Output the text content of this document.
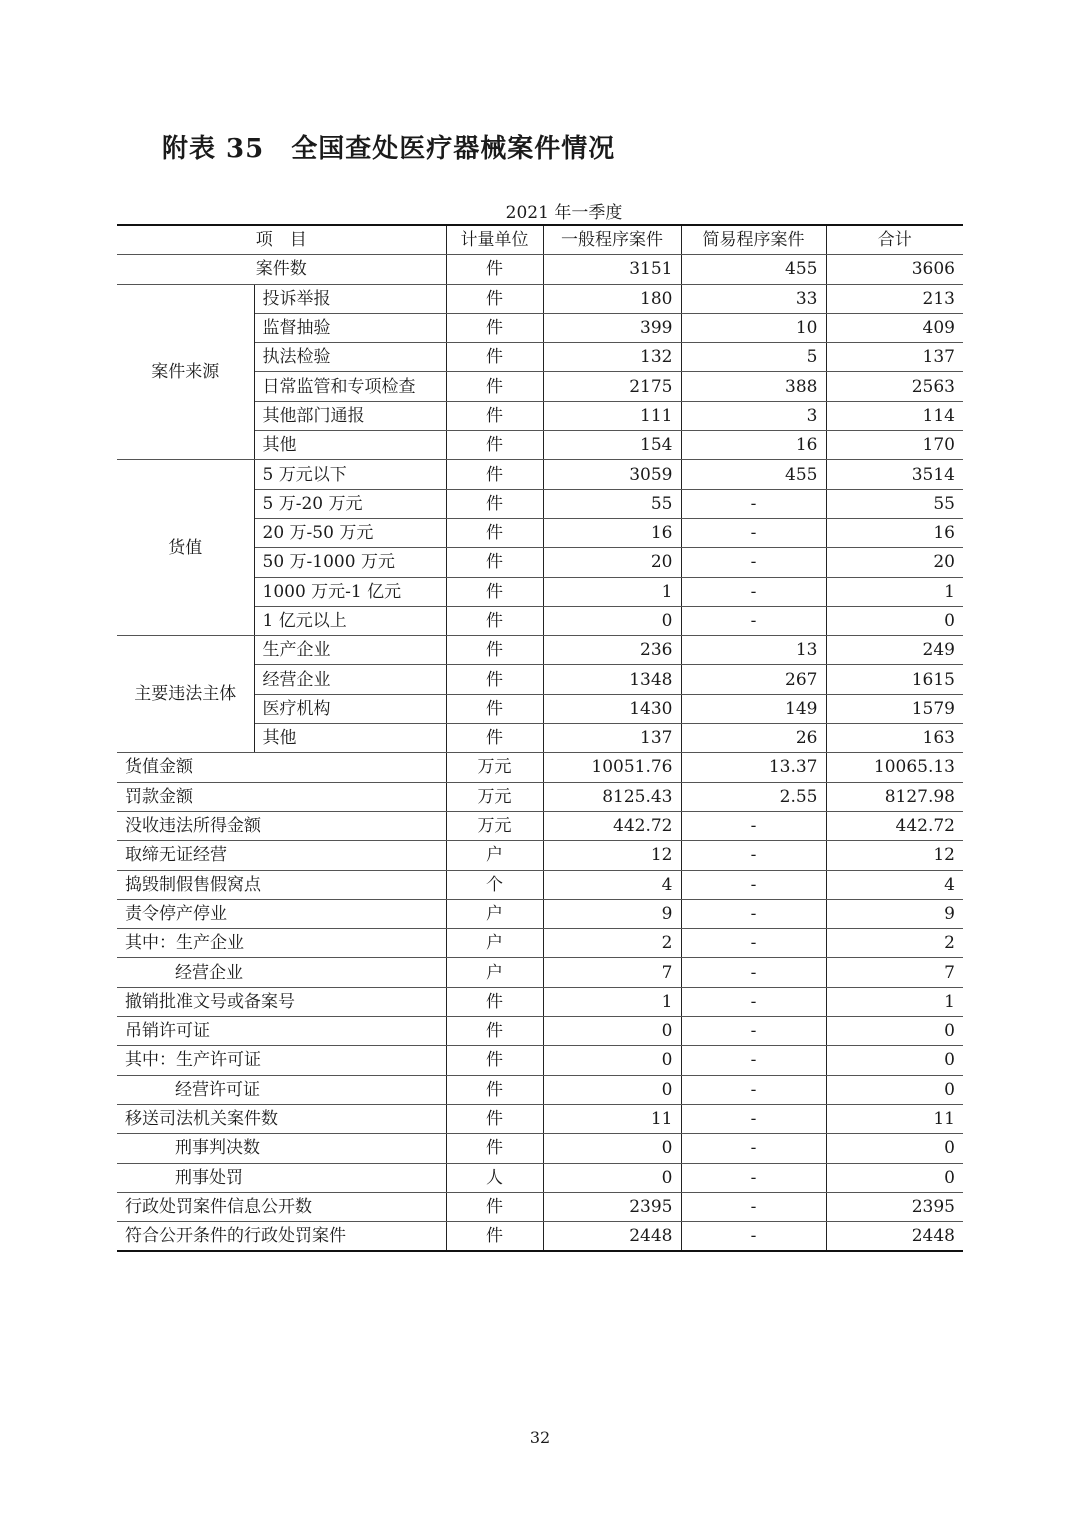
附表 35　全国查处医疗器械案件情况
2021 年一季度
项　目		计量单位	一般程序案件	简易程序案件	合计
案件数		件	3151	455	3606
案件来源	投诉举报	件	180	33	213
	监督抽验	件	399	10	409
	执法检验	件	132	5	137
	日常监管和专项检查	件	2175	388	2563
	其他部门通报	件	111	3	114
	其他	件	154	16	170
货值	5 万元以下	件	3059	455	3514
	5 万-20 万元	件	55	-	55
	20 万-50 万元	件	16	-	16
	50 万-1000 万元	件	20	-	20
	1000 万元-1 亿元	件	1	-	1
	1 亿元以上	件	0	-	0
主要违法主体	生产企业	件	236	13	249
	经营企业	件	1348	267	1615
	医疗机构	件	1430	149	1579
	其他	件	137	26	163
货值金额		万元	10051.76	13.37	10065.13
罚款金额		万元	8125.43	2.55	8127.98
没收违法所得金额		万元	442.72	-	442.72
取缔无证经营		户	12	-	12
捣毁制假售假窝点		个	4	-	4
责令停产停业		户	9	-	9
其中：生产企业		户	2	-	2
经营企业		户	7	-	7
撤销批准文号或备案号		件	1	-	1
吊销许可证		件	0	-	0
其中：生产许可证		件	0	-	0
经营许可证		件	0	-	0
移送司法机关案件数		件	11	-	11
刑事判决数		件	0	-	0
刑事处罚		人	0	-	0
行政处罚案件信息公开数		件	2395	-	2395
符合公开条件的行政处罚案件		件	2448	-	2448
32
